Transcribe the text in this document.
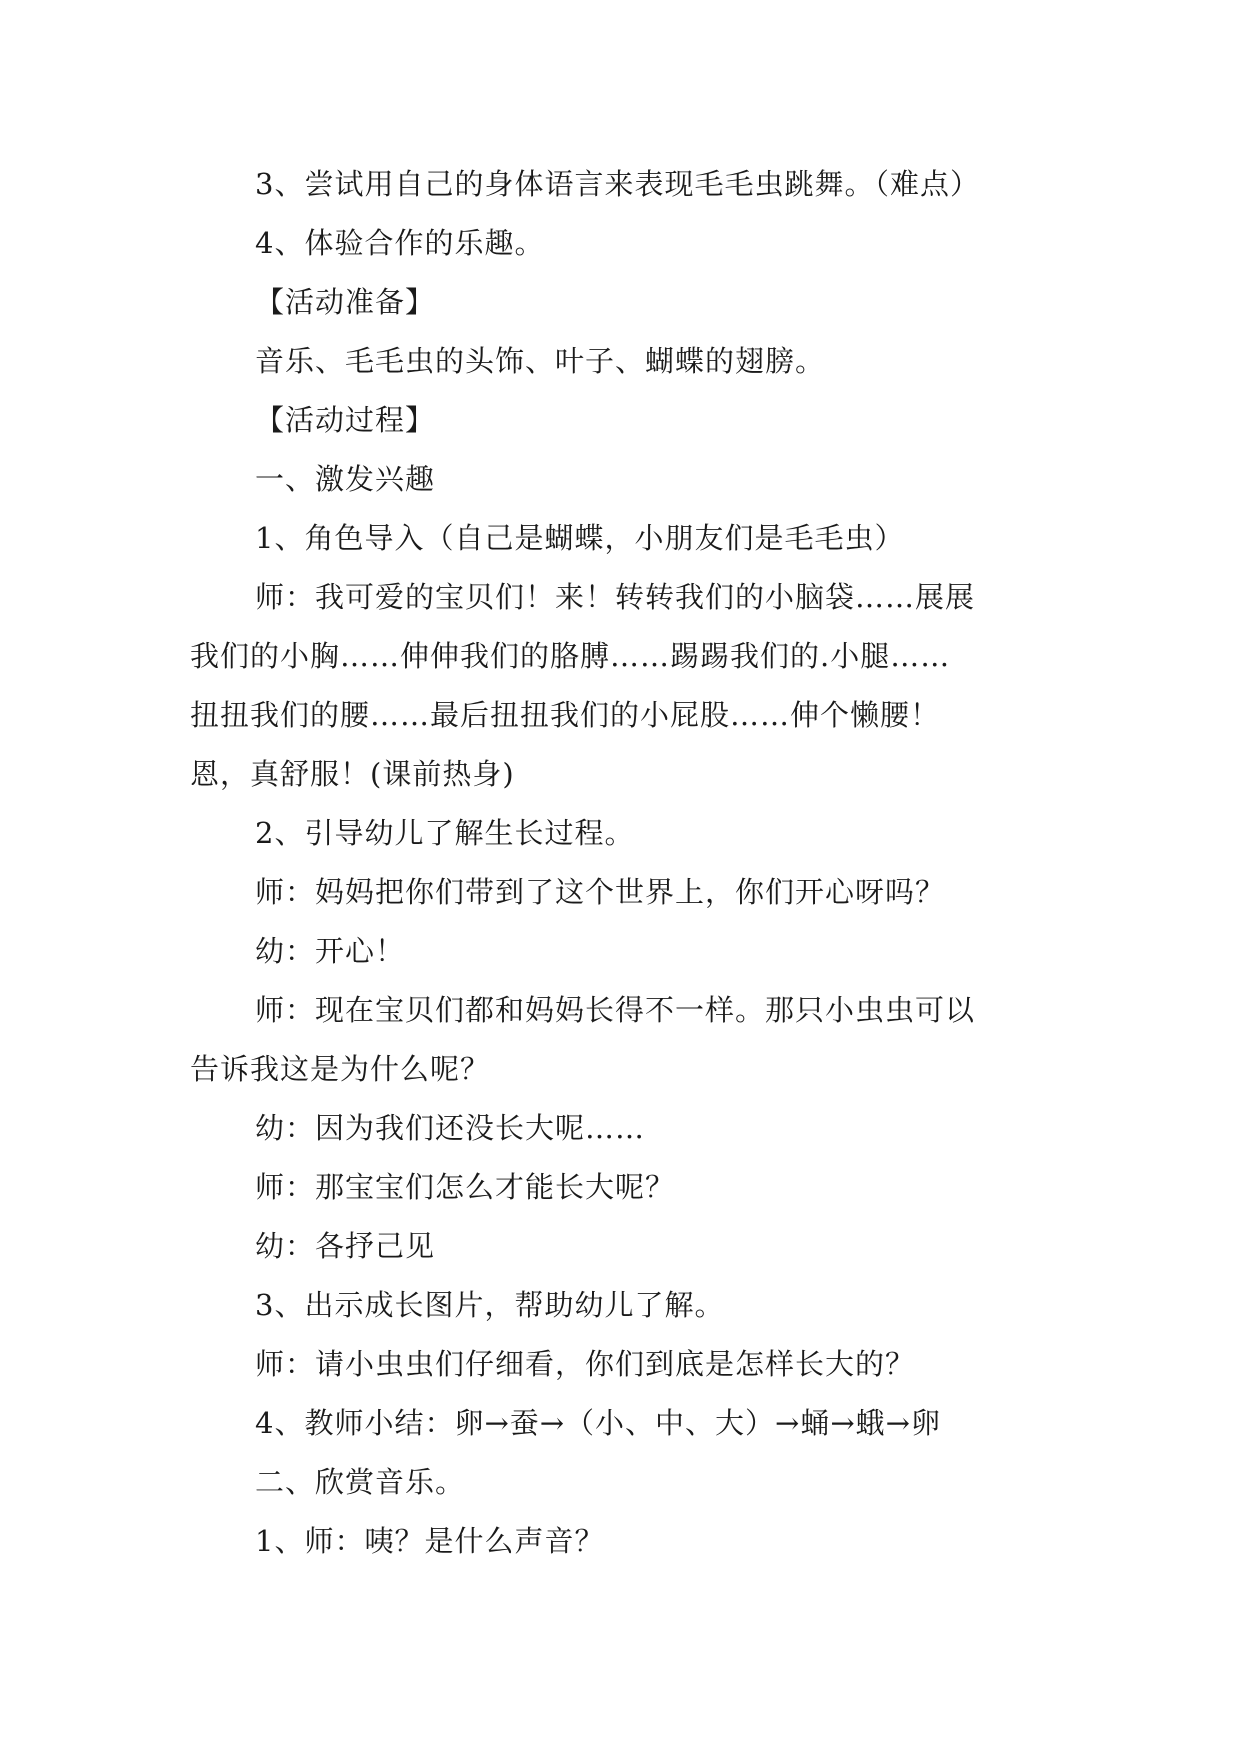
3、尝试用自己的身体语言来表现毛毛虫跳舞。（难点）
4、体验合作的乐趣。
【活动准备】
音乐、毛毛虫的头饰、叶子、蝴蝶的翅膀。
【活动过程】
一、激发兴趣
1、角色导入（自己是蝴蝶，小朋友们是毛毛虫）
师：我可爱的宝贝们！来！转转我们的小脑袋……展展
我们的小胸……伸伸我们的胳膊……踢踢我们的.小腿……
扭扭我们的腰……最后扭扭我们的小屁股……伸个懒腰！
恩，真舒服！(课前热身)
2、引导幼儿了解生长过程。
师：妈妈把你们带到了这个世界上，你们开心呀吗？
幼：开心！
师：现在宝贝们都和妈妈长得不一样。那只小虫虫可以
告诉我这是为什么呢？
幼：因为我们还没长大呢……
师：那宝宝们怎么才能长大呢？
幼：各抒己见
3、出示成长图片，帮助幼儿了解。
师：请小虫虫们仔细看，你们到底是怎样长大的？
4、教师小结：卵→蚕→（小、中、大）→蛹→蛾→卵
二、欣赏音乐。
1、师：咦？是什么声音？
